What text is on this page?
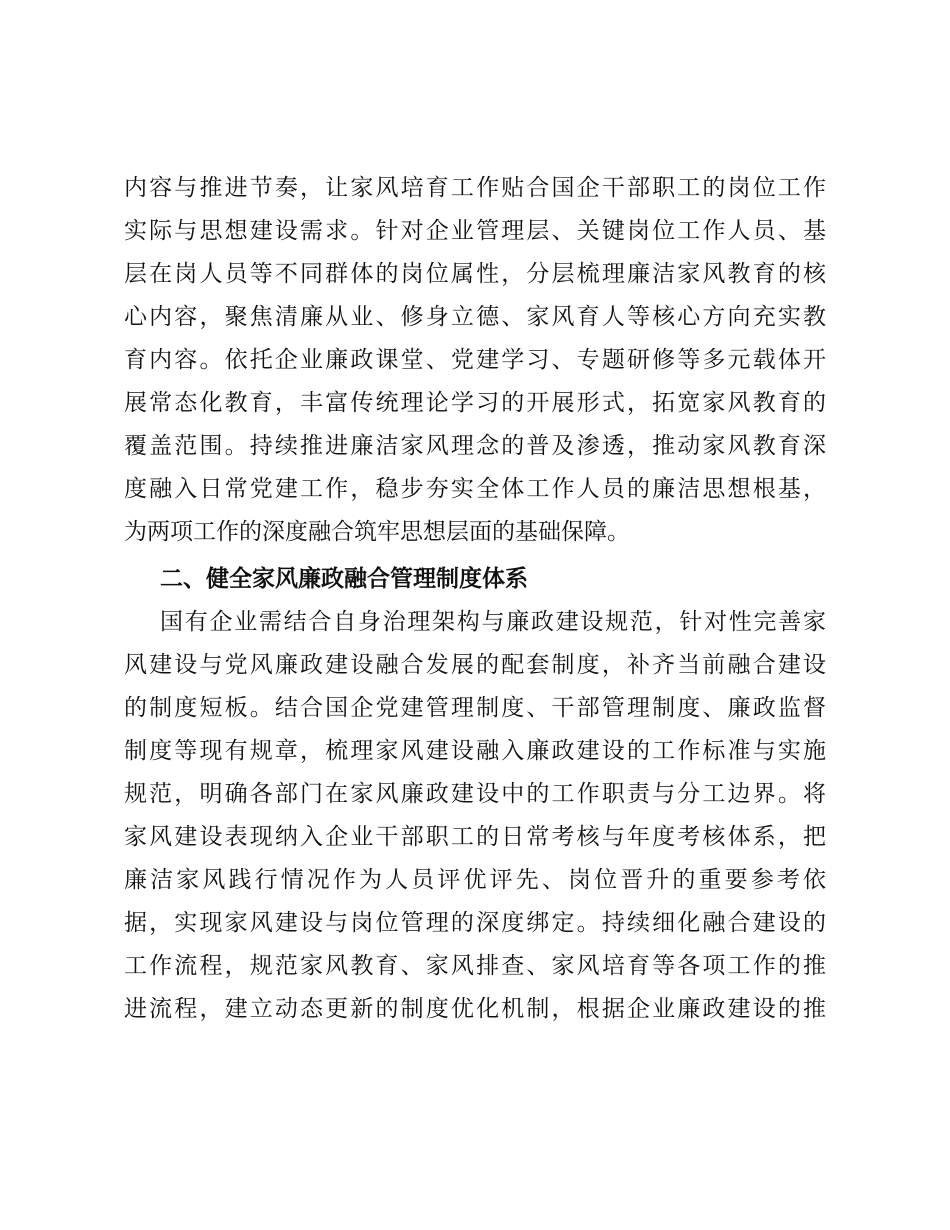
内容与推进节奏，让家风培育工作贴合国企干部职工的岗位工作
实际与思想建设需求。针对企业管理层、关键岗位工作人员、基
层在岗人员等不同群体的岗位属性，分层梳理廉洁家风教育的核
心内容，聚焦清廉从业、修身立德、家风育人等核心方向充实教
育内容。依托企业廉政课堂、党建学习、专题研修等多元载体开
展常态化教育，丰富传统理论学习的开展形式，拓宽家风教育的
覆盖范围。持续推进廉洁家风理念的普及渗透，推动家风教育深
度融入日常党建工作，稳步夯实全体工作人员的廉洁思想根基，
为两项工作的深度融合筑牢思想层面的基础保障。
二、健全家风廉政融合管理制度体系
国有企业需结合自身治理架构与廉政建设规范，针对性完善家
风建设与党风廉政建设融合发展的配套制度，补齐当前融合建设
的制度短板。结合国企党建管理制度、干部管理制度、廉政监督
制度等现有规章，梳理家风建设融入廉政建设的工作标准与实施
规范，明确各部门在家风廉政建设中的工作职责与分工边界。将
家风建设表现纳入企业干部职工的日常考核与年度考核体系，把
廉洁家风践行情况作为人员评优评先、岗位晋升的重要参考依
据，实现家风建设与岗位管理的深度绑定。持续细化融合建设的
工作流程，规范家风教育、家风排查、家风培育等各项工作的推
进流程，建立动态更新的制度优化机制，根据企业廉政建设的推
